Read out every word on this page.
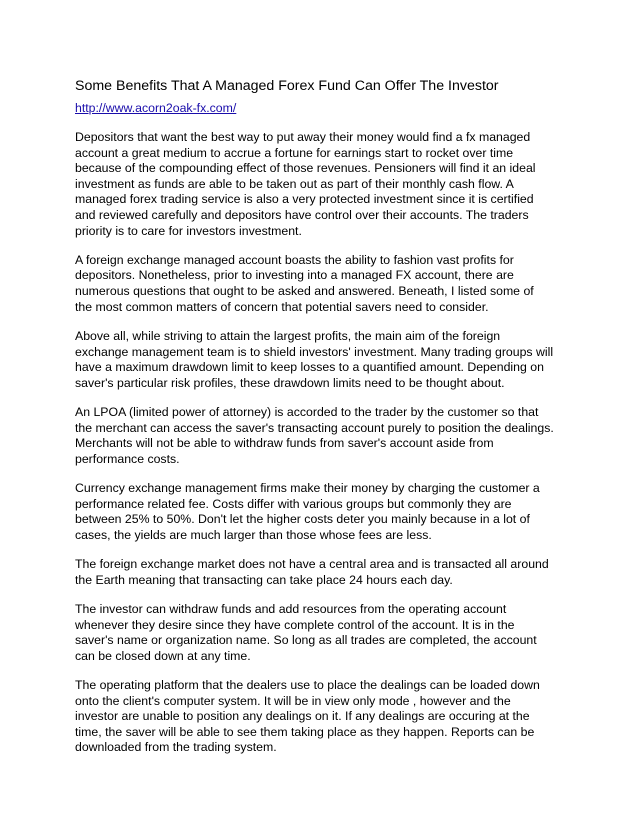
Some Benefits That A Managed Forex Fund Can Offer The Investor
http://www.acorn2oak-fx.com/
Depositors that want the best way to put away their money would find a fx managed
account a great medium to accrue a fortune for earnings start to rocket over time
because of the compounding effect of those revenues. Pensioners will find it an ideal
investment as funds are able to be taken out as part of their monthly cash flow. A
managed forex trading service is also a very protected investment since it is certified
and reviewed carefully and depositors have control over their accounts. The traders
priority is to care for investors investment.
A foreign exchange managed account boasts the ability to fashion vast profits for
depositors. Nonetheless, prior to investing into a managed FX account, there are
numerous questions that ought to be asked and answered. Beneath, I listed some of
the most common matters of concern that potential savers need to consider.
Above all, while striving to attain the largest profits, the main aim of the foreign
exchange management team is to shield investors' investment. Many trading groups will
have a maximum drawdown limit to keep losses to a quantified amount. Depending on
saver's particular risk profiles, these drawdown limits need to be thought about.
An LPOA (limited power of attorney) is accorded to the trader by the customer so that
the merchant can access the saver's transacting account purely to position the dealings.
Merchants will not be able to withdraw funds from saver's account aside from
performance costs.
Currency exchange management firms make their money by charging the customer a
performance related fee. Costs differ with various groups but commonly they are
between 25% to 50%. Don't let the higher costs deter you mainly because in a lot of
cases, the yields are much larger than those whose fees are less.
The foreign exchange market does not have a central area and is transacted all around
the Earth meaning that transacting can take place 24 hours each day.
The investor can withdraw funds and add resources from the operating account
whenever they desire since they have complete control of the account. It is in the
saver's name or organization name. So long as all trades are completed, the account
can be closed down at any time.
The operating platform that the dealers use to place the dealings can be loaded down
onto the client's computer system. It will be in view only mode , however and the
investor are unable to position any dealings on it. If any dealings are occuring at the
time, the saver will be able to see them taking place as they happen. Reports can be
downloaded from the trading system.
